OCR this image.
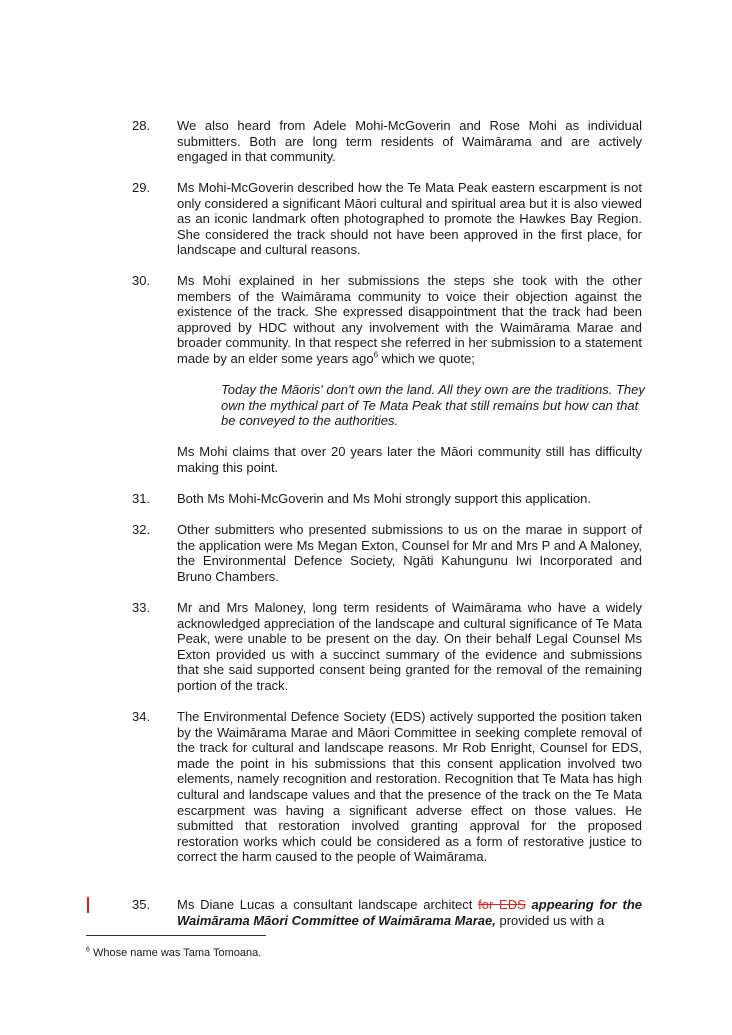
28. We also heard from Adele Mohi-McGoverin and Rose Mohi as individual submitters. Both are long term residents of Waimārama and are actively engaged in that community.
29. Ms Mohi-McGoverin described how the Te Mata Peak eastern escarpment is not only considered a significant Māori cultural and spiritual area but it is also viewed as an iconic landmark often photographed to promote the Hawkes Bay Region. She considered the track should not have been approved in the first place, for landscape and cultural reasons.
30. Ms Mohi explained in her submissions the steps she took with the other members of the Waimārama community to voice their objection against the existence of the track. She expressed disappointment that the track had been approved by HDC without any involvement with the Waimārama Marae and broader community. In that respect she referred in her submission to a statement made by an elder some years ago$^6$ which we quote;
Today the Māoris' don't own the land. All they own are the traditions. They own the mythical part of Te Mata Peak that still remains but how can that be conveyed to the authorities.
Ms Mohi claims that over 20 years later the Māori community still has difficulty making this point.
31. Both Ms Mohi-McGoverin and Ms Mohi strongly support this application.
32. Other submitters who presented submissions to us on the marae in support of the application were Ms Megan Exton, Counsel for Mr and Mrs P and A Maloney, the Environmental Defence Society, Ngāti Kahungunu Iwi Incorporated and Bruno Chambers.
33. Mr and Mrs Maloney, long term residents of Waimārama who have a widely acknowledged appreciation of the landscape and cultural significance of Te Mata Peak, were unable to be present on the day. On their behalf Legal Counsel Ms Exton provided us with a succinct summary of the evidence and submissions that she said supported consent being granted for the removal of the remaining portion of the track.
34. The Environmental Defence Society (EDS) actively supported the position taken by the Waimārama Marae and Māori Committee in seeking complete removal of the track for cultural and landscape reasons. Mr Rob Enright, Counsel for EDS, made the point in his submissions that this consent application involved two elements, namely recognition and restoration. Recognition that Te Mata has high cultural and landscape values and that the presence of the track on the Te Mata escarpment was having a significant adverse effect on those values. He submitted that restoration involved granting approval for the proposed restoration works which could be considered as a form of restorative justice to correct the harm caused to the people of Waimārama.
35. Ms Diane Lucas a consultant landscape architect for EDS appearing for the Waimārama Māori Committee of Waimārama Marae, provided us with a
$^6$ Whose name was Tama Tomoana.
